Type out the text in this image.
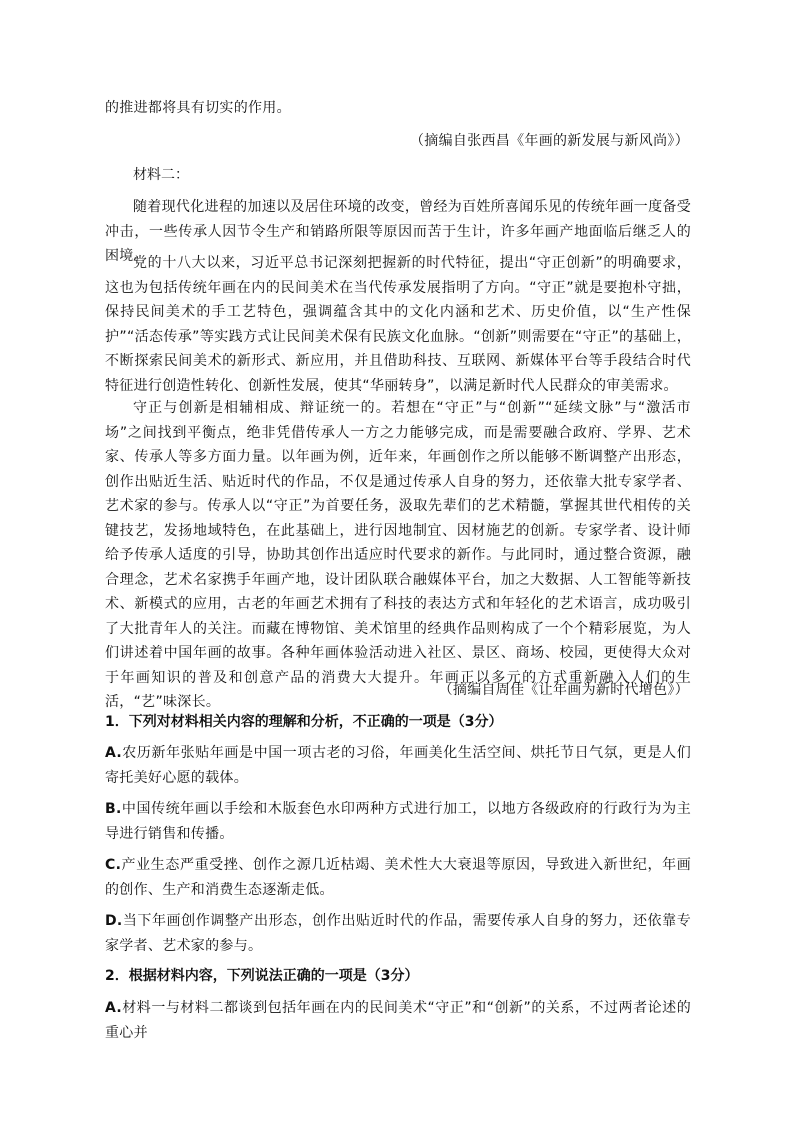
的推进都将具有切实的作用。

（摘编自张西昌《年画的新发展与新风尚》）
材料二：

随着现代化进程的加速以及居住环境的改变，曾经为百姓所喜闻乐见的传统年画一度备受冲击，一些传承人因节令生产和销路所限等原因而苦于生计，许多年画产地面临后继乏人的困境。

党的十八大以来，习近平总书记深刻把握新的时代特征，提出“守正创新”的明确要求，这也为包括传统年画在内的民间美术在当代传承发展指明了方向。“守正”就是要抱朴守拙，保持民间美术的手工艺特色，强调蕴含其中的文化内涵和艺术、历史价值，以“生产性保护”“活态传承”等实践方式让民间美术保有民族文化血脉。“创新”则需要在“守正”的基础上，不断探索民间美术的新形式、新应用，并且借助科技、互联网、新媒体平台等手段结合时代特征进行创造性转化、创新性发展，使其“华丽转身”，以满足新时代人民群众的审美需求。

守正与创新是相辅相成、辩证统一的。若想在“守正”与“创新”“延续文脉”与“激活市场”之间找到平衡点，绝非凭借传承人一方之力能够完成，而是需要融合政府、学界、艺术家、传承人等多方面力量。以年画为例，近年来，年画创作之所以能够不断调整产出形态，创作出贴近生活、贴近时代的作品，不仅是通过传承人自身的努力，还依靠大批专家学者、艺术家的参与。传承人以“守正”为首要任务，汲取先辈们的艺术精髓，掌握其世代相传的关键技艺，发扬地域特色，在此基础上，进行因地制宜、因材施艺的创新。专家学者、设计师给予传承人适度的引导，协助其创作出适应时代要求的新作。与此同时，通过整合资源，融合理念，艺术名家携手年画产地，设计团队联合融媒体平台，加之大数据、人工智能等新技术、新模式的应用，古老的年画艺术拥有了科技的表达方式和年轻化的艺术语言，成功吸引了大批青年人的关注。而藏在博物馆、美术馆里的经典作品则构成了一个个精彩展览，为人们讲述着中国年画的故事。各种年画体验活动进入社区、景区、商场、校园，更使得大众对于年画知识的普及和创意产品的消费大大提升。年画正以多元的方式重新融入人们的生活，“艺”味深长。

（摘编自周佳《让年画为新时代增色》）
1．下列对材料相关内容的理解和分析，不正确的一项是（3分）

A.农历新年张贴年画是中国一项古老的习俗，年画美化生活空间、烘托节日气氛，更是人们寄托美好心愿的载体。

B.中国传统年画以手绘和木版套色水印两种方式进行加工，以地方各级政府的行政行为为主导进行销售和传播。

C.产业生态严重受挫、创作之源几近枯竭、美术性大大衰退等原因，导致进入新世纪，年画的创作、生产和消费生态逐渐走低。

D.当下年画创作调整产出形态，创作出贴近时代的作品，需要传承人自身的努力，还依靠专家学者、艺术家的参与。

2．根据材料内容，下列说法正确的一项是（3分）

A.材料一与材料二都谈到包括年画在内的民间美术“守正”和“创新”的关系，不过两者论述的重心并
